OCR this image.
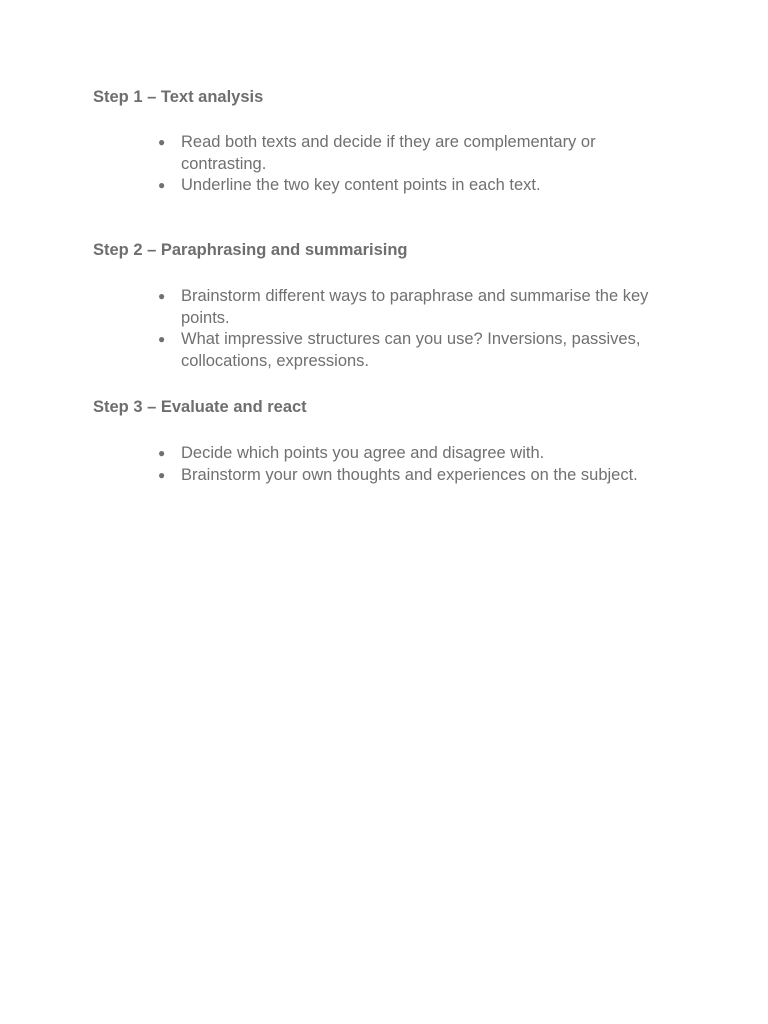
Step 1 – Text analysis
● Read both texts and decide if they are complementary or contrasting.
● Underline the two key content points in each text.
Step 2 – Paraphrasing and summarising
● Brainstorm different ways to paraphrase and summarise the key points.
● What impressive structures can you use? Inversions, passives, collocations, expressions.
Step 3 – Evaluate and react
● Decide which points you agree and disagree with.
● Brainstorm your own thoughts and experiences on the subject.
